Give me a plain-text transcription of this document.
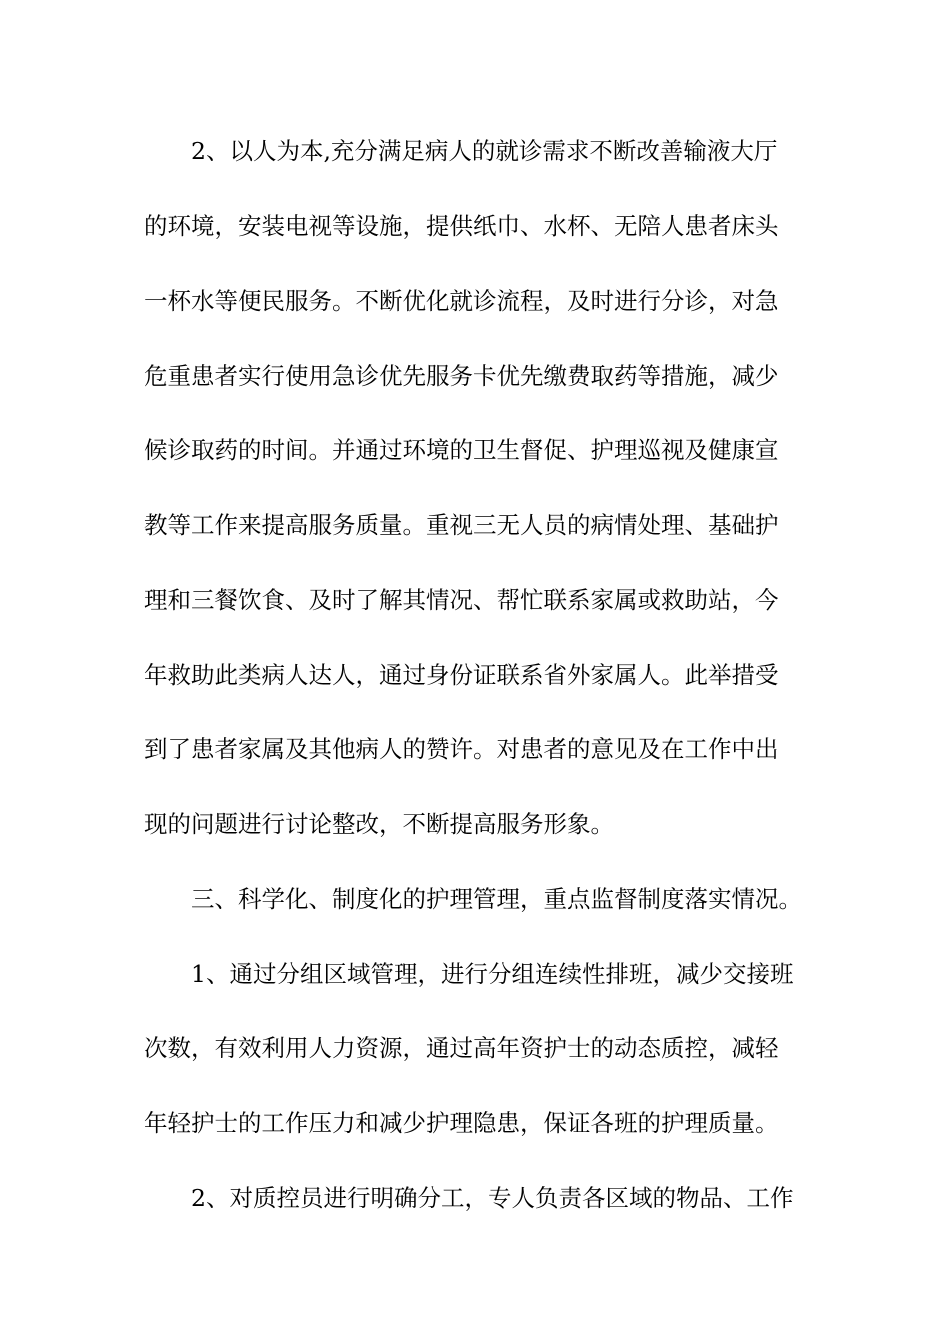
2、以人为本,充分满足病人的就诊需求不断改善输液大厅
的环境，安装电视等设施，提供纸巾、水杯、无陪人患者床头
一杯水等便民服务。不断优化就诊流程，及时进行分诊，对急
危重患者实行使用急诊优先服务卡优先缴费取药等措施，减少
候诊取药的时间。并通过环境的卫生督促、护理巡视及健康宣
教等工作来提高服务质量。重视三无人员的病情处理、基础护
理和三餐饮食、及时了解其情况、帮忙联系家属或救助站，今
年救助此类病人达人，通过身份证联系省外家属人。此举措受
到了患者家属及其他病人的赞许。对患者的意见及在工作中出
现的问题进行讨论整改，不断提高服务形象。
三、科学化、制度化的护理管理，重点监督制度落实情况。
1、通过分组区域管理，进行分组连续性排班，减少交接班
次数，有效利用人力资源，通过高年资护士的动态质控，减轻
年轻护士的工作压力和减少护理隐患，保证各班的护理质量。
2、对质控员进行明确分工，专人负责各区域的物品、工作
